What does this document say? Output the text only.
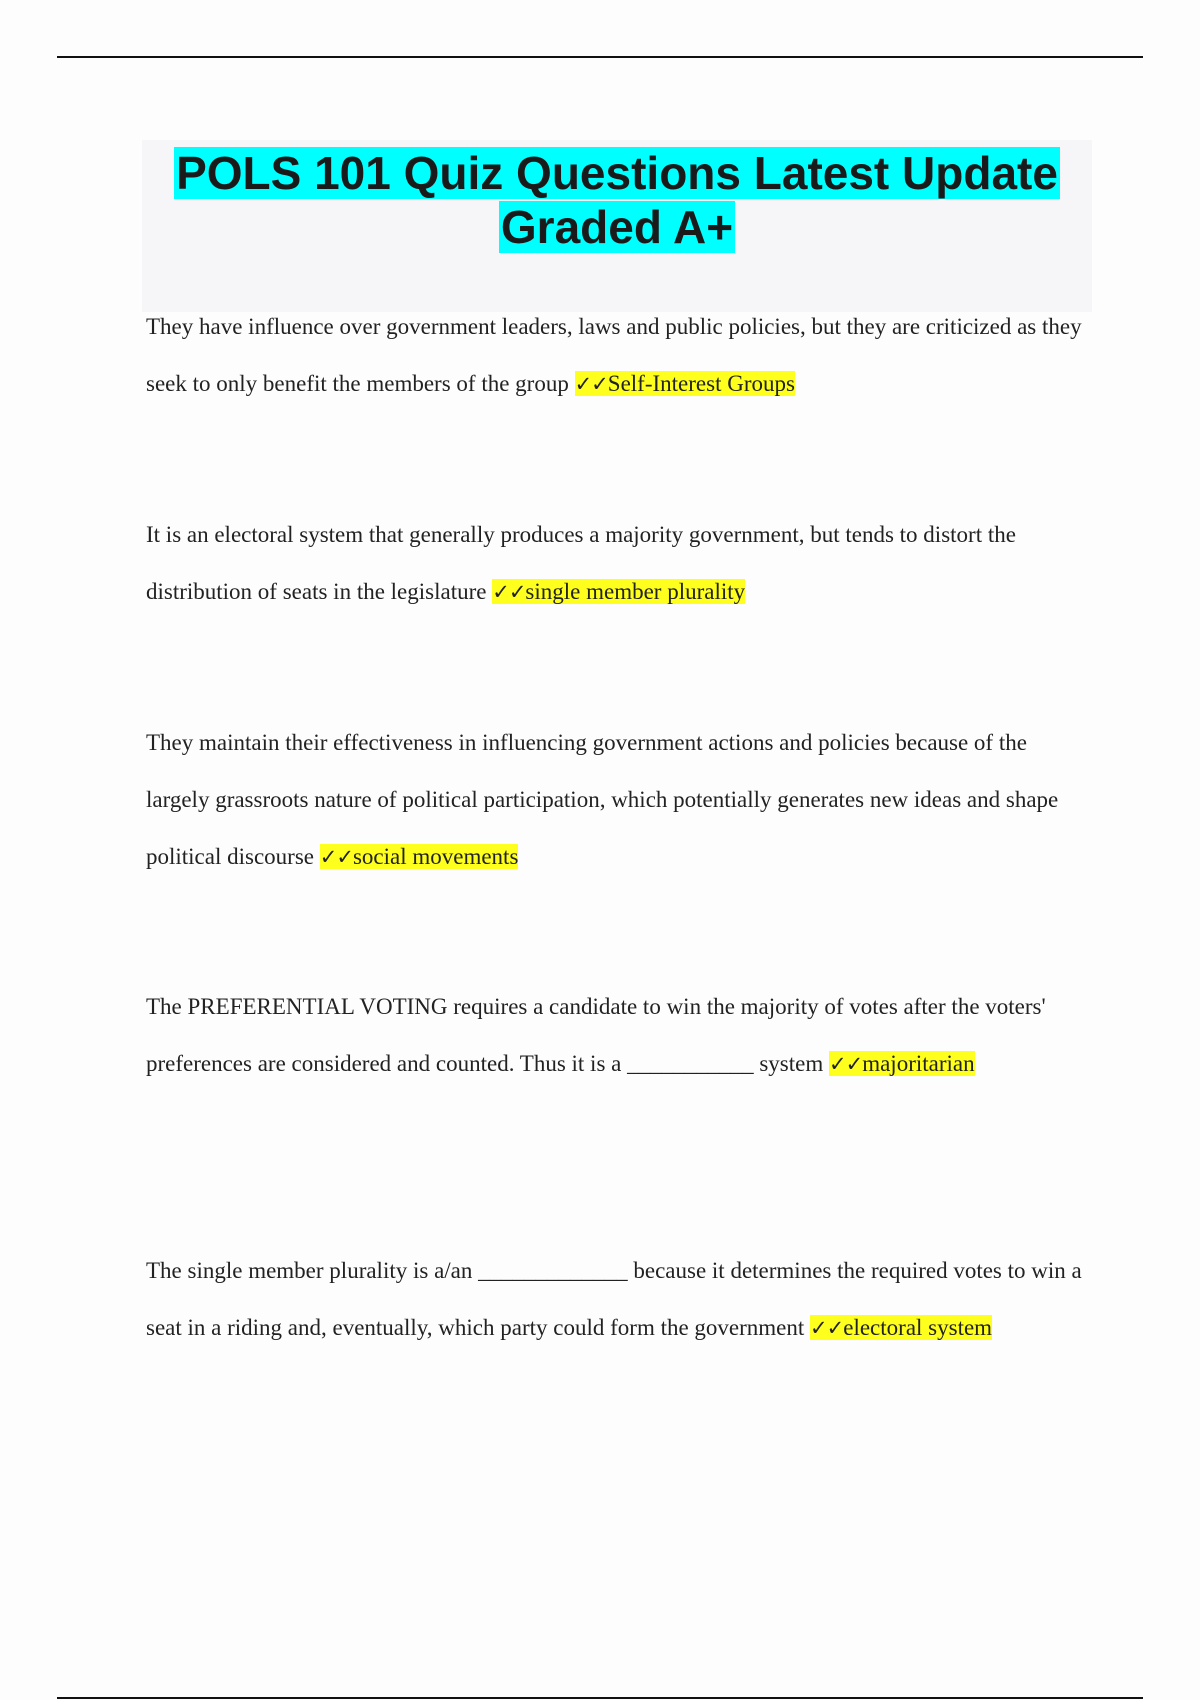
POLS 101 Quiz Questions Latest Update Graded A+

They have influence over government leaders, laws and public policies, but they are criticized as they seek to only benefit the members of the group ✓✓Self-Interest Groups

It is an electoral system that generally produces a majority government, but tends to distort the distribution of seats in the legislature ✓✓single member plurality

They maintain their effectiveness in influencing government actions and policies because of the largely grassroots nature of political participation, which potentially generates new ideas and shape political discourse ✓✓social movements

The PREFERENTIAL VOTING requires a candidate to win the majority of votes after the voters' preferences are considered and counted. Thus it is a ___________ system ✓✓majoritarian

The single member plurality is a/an _____________ because it determines the required votes to win a seat in a riding and, eventually, which party could form the government ✓✓electoral system
